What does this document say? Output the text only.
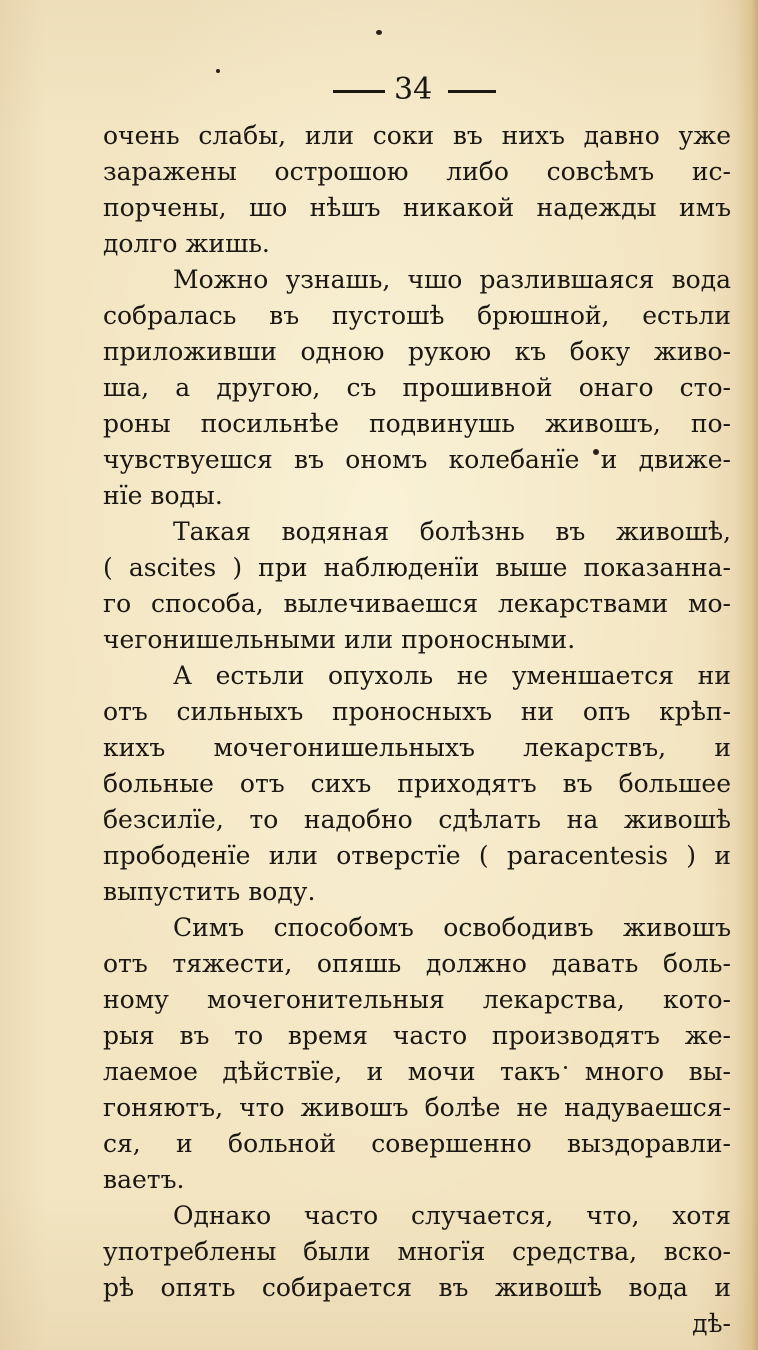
34
очень слабы, или соки въ нихъ давно уже
заражены острошою либо совсѣмъ ис-
порчены, шо нѣшъ никакой надежды имъ
долго жишь.
Можно узнашь, чшо разлившаяся вода
собралась въ пустошѣ брюшной, естьли
приложивши одною рукою къ боку живо-
ша, а другою, съ прошивной онаго сто-
роны посильнѣе подвинушь живошъ, по-
чувствуешся въ ономъ колебанïе и движе-
нïе воды.
Такая водяная болѣзнь въ живошѣ,
( ascites ) при наблюденïи выше показанна-
го способа, вылечиваешся лекарствами мо-
чегонишельными или проносными.
А естьли опухоль не уменшается ни
отъ сильныхъ проносныхъ ни опъ крѣп-
кихъ мочегонишельныхъ лекарствъ, и
больные отъ сихъ приходятъ въ большее
безсилïе, то надобно сдѣлать на живошѣ
прободенïе или отверстïе ( paracentesis ) и
выпустить воду.
Симъ способомъ освободивъ живошъ
отъ тяжести, опяшь должно давать боль-
ному мочегонительныя лекарства, кото-
рыя въ то время часто производятъ же-
лаемое дѣйствïе, и мочи такъ много вы-
гоняютъ, что живошъ болѣе не надуваешся-
ся, и больной совершенно выздоравли-
ваетъ.
Однако часто случается, что, хотя
употреблены были многïя средства, вско-
рѣ опять собирается въ живошѣ вода и
дѣ-
